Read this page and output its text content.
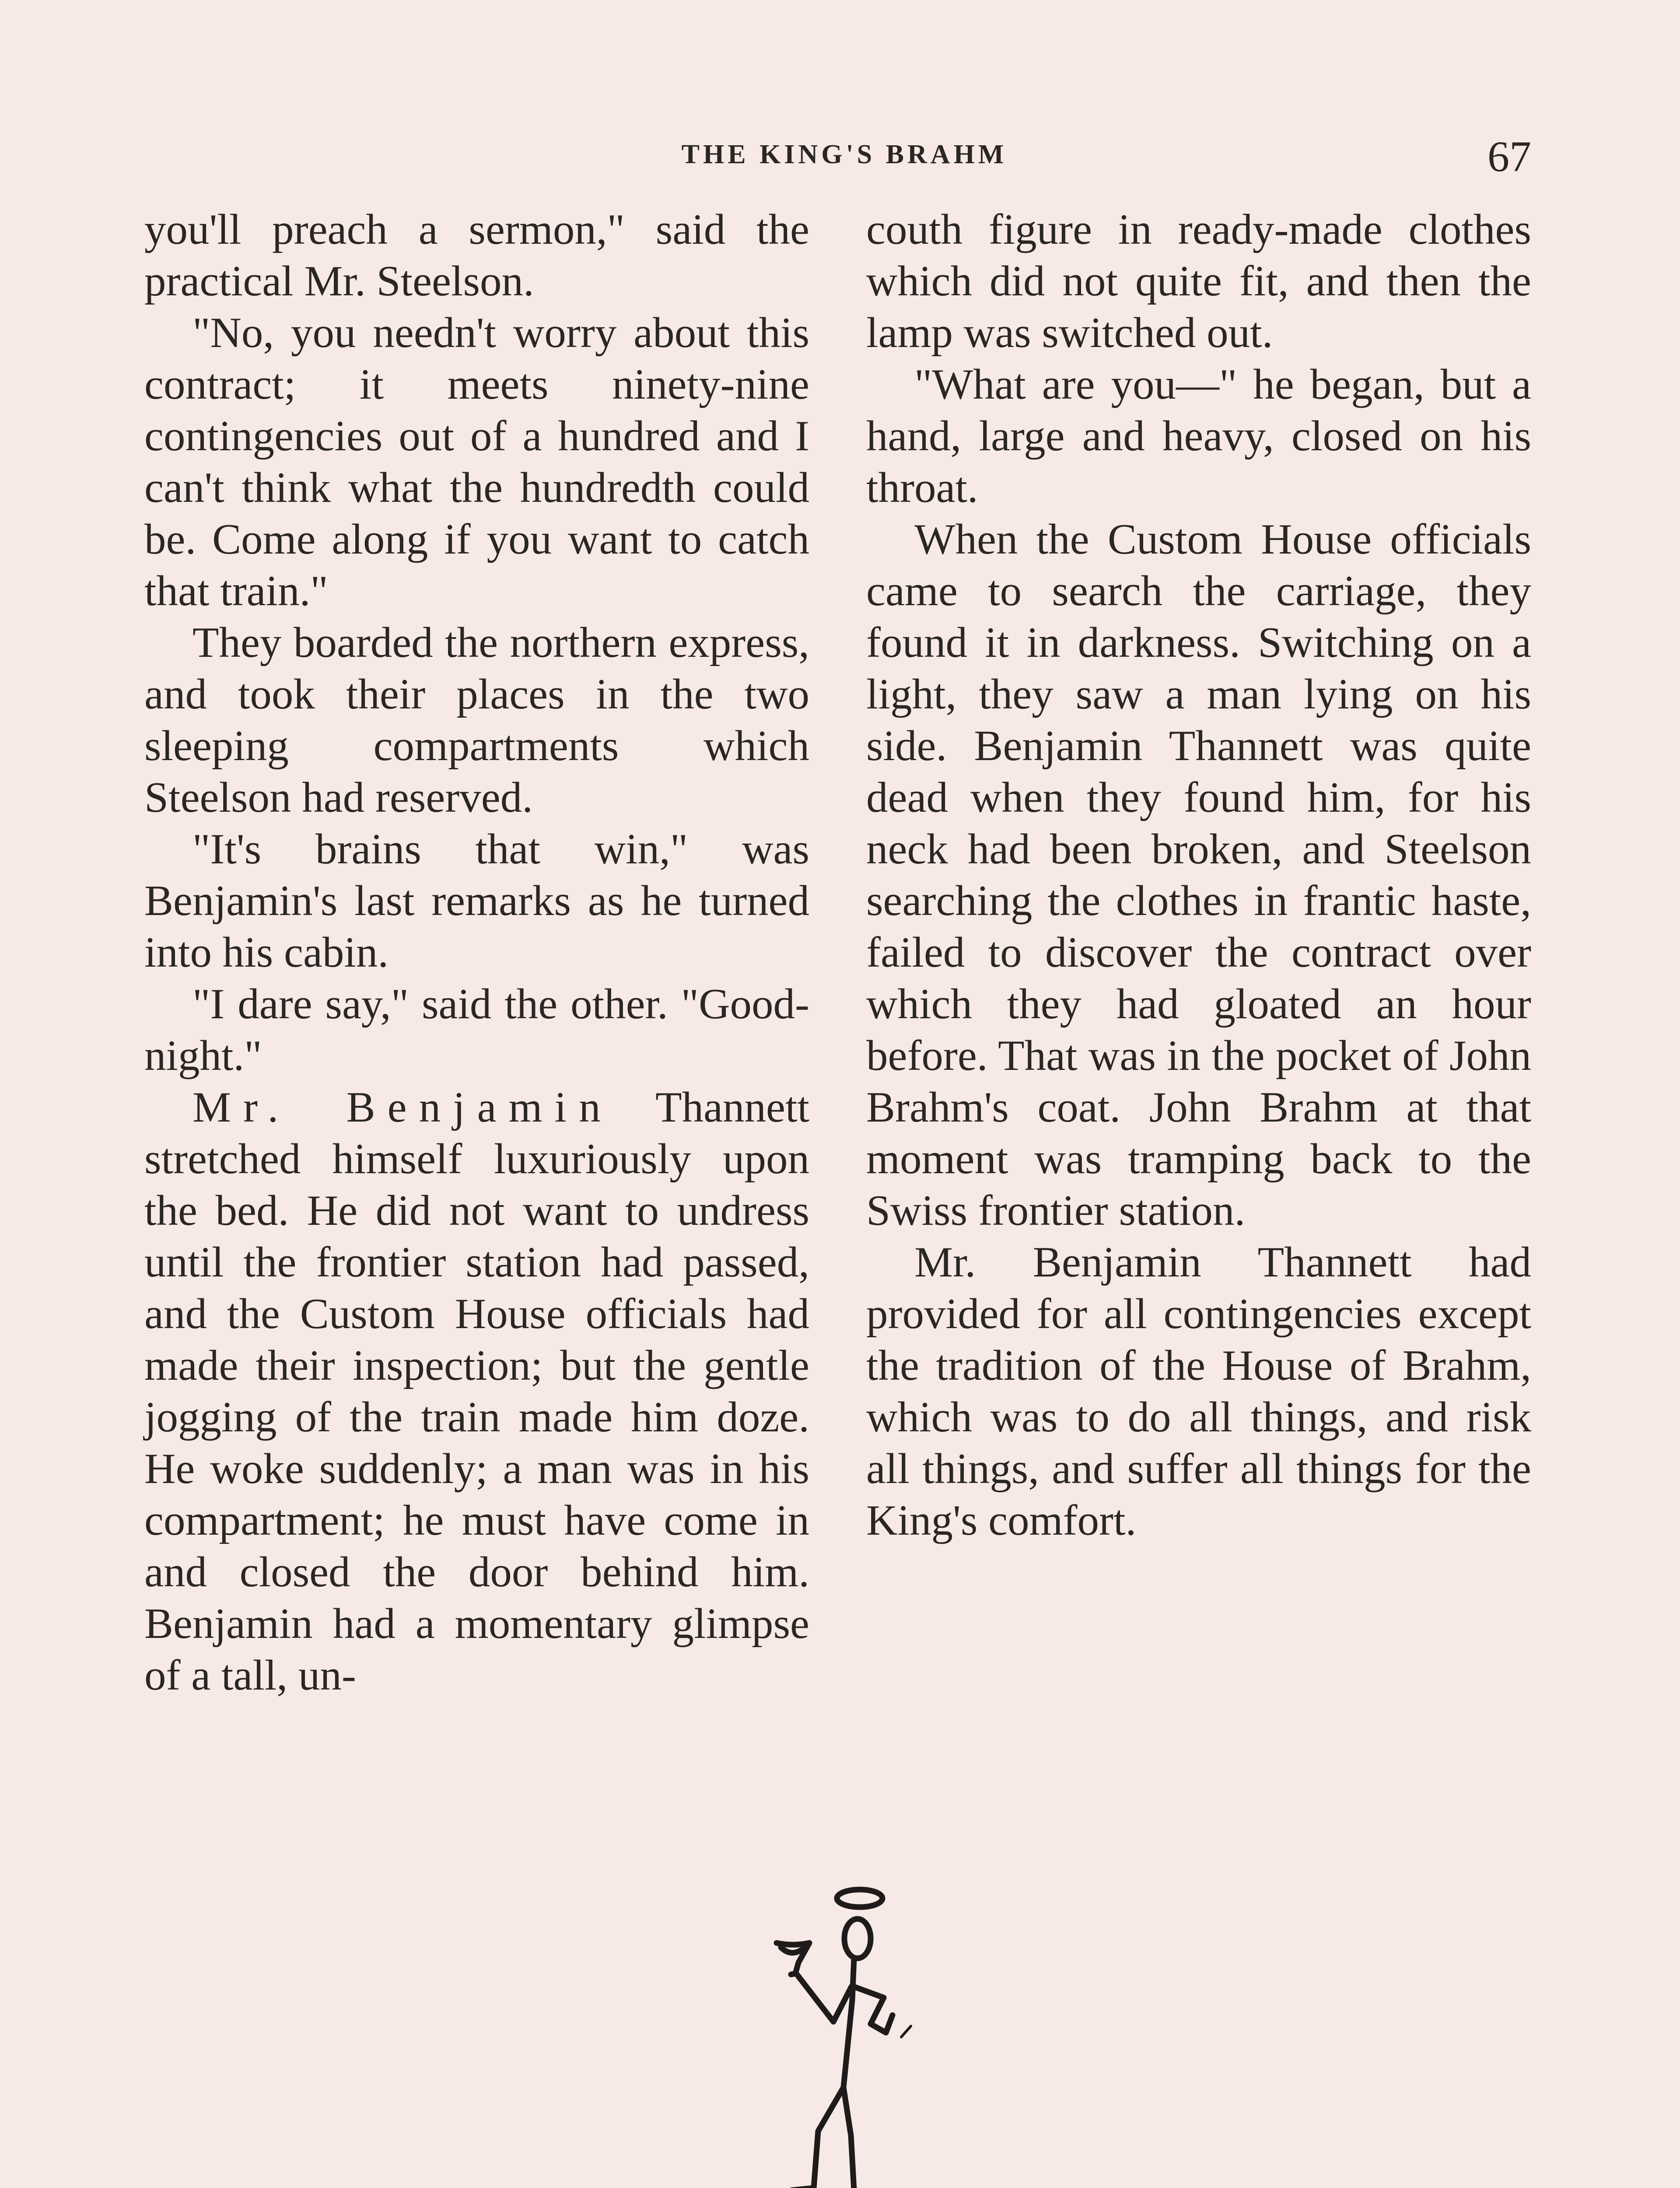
THE KING'S BRAHM	67

you'll preach a sermon," said the practical Mr. Steelson.

"No, you needn't worry about this contract; it meets ninety-nine contingencies out of a hundred and I can't think what the hundredth could be. Come along if you want to catch that train."

They boarded the northern express, and took their places in the two sleeping compartments which Steelson had reserved.

"It's brains that win," was Benjamin's last remarks as he turned into his cabin.

"I dare say," said the other. "Good-night."

Mr. Benjamin Thannett stretched himself luxuriously upon the bed. He did not want to undress until the frontier station had passed, and the Custom House officials had made their inspection; but the gentle jogging of the train made him doze. He woke suddenly; a man was in his compartment; he must have come in and closed the door behind him. Benjamin had a momentary glimpse of a tall, un-

couth figure in ready-made clothes which did not quite fit, and then the lamp was switched out.

"What are you—" he began, but a hand, large and heavy, closed on his throat.

When the Custom House officials came to search the carriage, they found it in darkness. Switching on a light, they saw a man lying on his side. Benjamin Thannett was quite dead when they found him, for his neck had been broken, and Steelson searching the clothes in frantic haste, failed to discover the contract over which they had gloated an hour before. That was in the pocket of John Brahm's coat. John Brahm at that moment was tramping back to the Swiss frontier station.

Mr. Benjamin Thannett had provided for all contingencies except the tradition of the House of Brahm, which was to do all things, and risk all things, and suffer all things for the King's comfort.
